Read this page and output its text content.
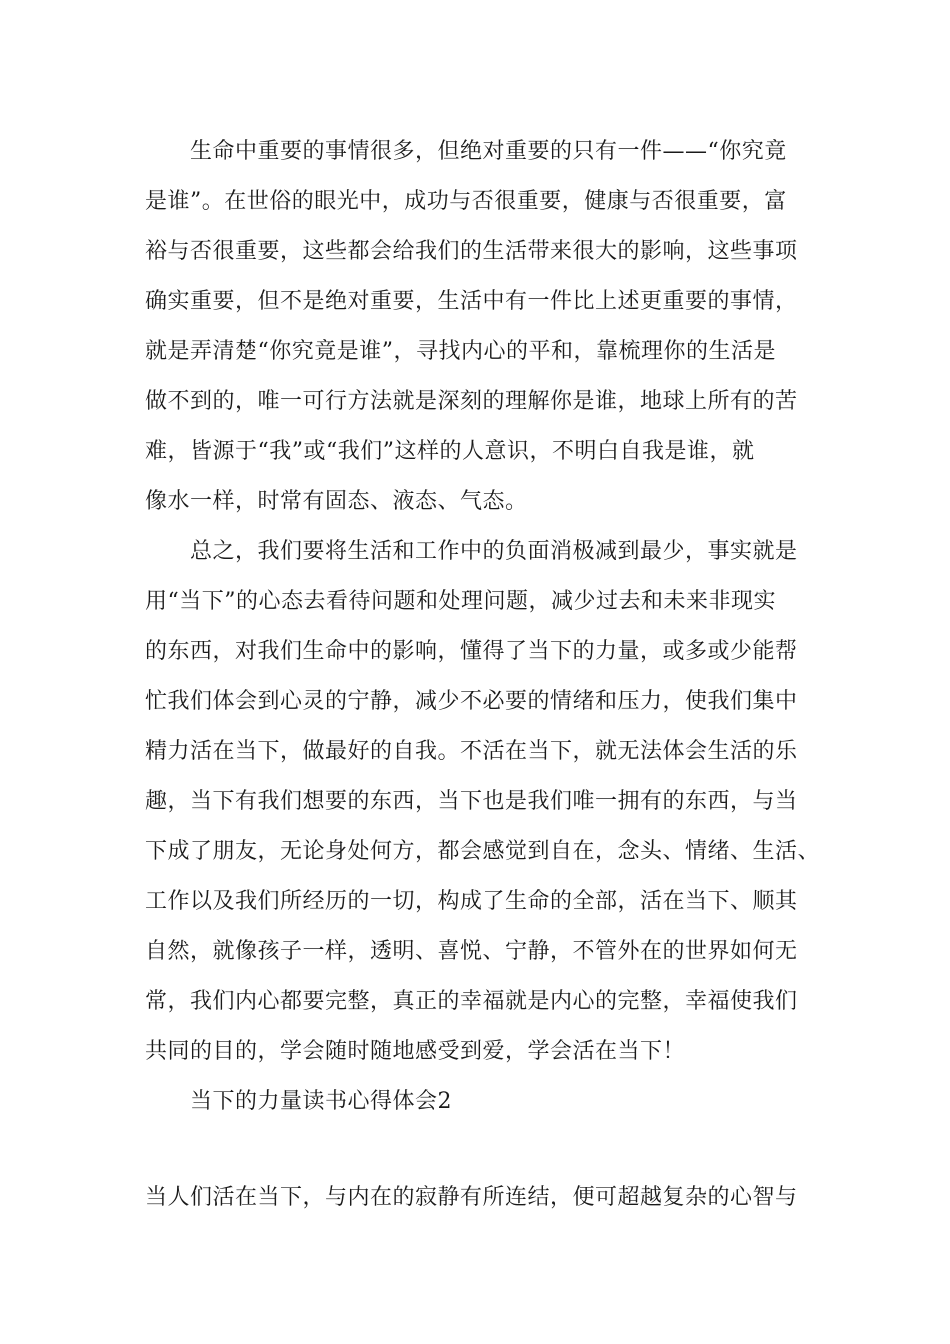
生命中重要的事情很多，但绝对重要的只有一件——“你究竟
是谁”。在世俗的眼光中，成功与否很重要，健康与否很重要，富
裕与否很重要，这些都会给我们的生活带来很大的影响，这些事项
确实重要，但不是绝对重要，生活中有一件比上述更重要的事情，
就是弄清楚“你究竟是谁”，寻找内心的平和，靠梳理你的生活是
做不到的，唯一可行方法就是深刻的理解你是谁，地球上所有的苦
难，皆源于“我”或“我们”这样的人意识，不明白自我是谁，就
像水一样，时常有固态、液态、气态。
总之，我们要将生活和工作中的负面消极减到最少，事实就是
用“当下”的心态去看待问题和处理问题，减少过去和未来非现实
的东西，对我们生命中的影响，懂得了当下的力量，或多或少能帮
忙我们体会到心灵的宁静，减少不必要的情绪和压力，使我们集中
精力活在当下，做最好的自我。不活在当下，就无法体会生活的乐
趣，当下有我们想要的东西，当下也是我们唯一拥有的东西，与当
下成了朋友，无论身处何方，都会感觉到自在，念头、情绪、生活、
工作以及我们所经历的一切，构成了生命的全部，活在当下、顺其
自然，就像孩子一样，透明、喜悦、宁静，不管外在的世界如何无
常，我们内心都要完整，真正的幸福就是内心的完整，幸福使我们
共同的目的，学会随时随地感受到爱，学会活在当下！
当下的力量读书心得体会2
当人们活在当下，与内在的寂静有所连结，便可超越复杂的心智与
